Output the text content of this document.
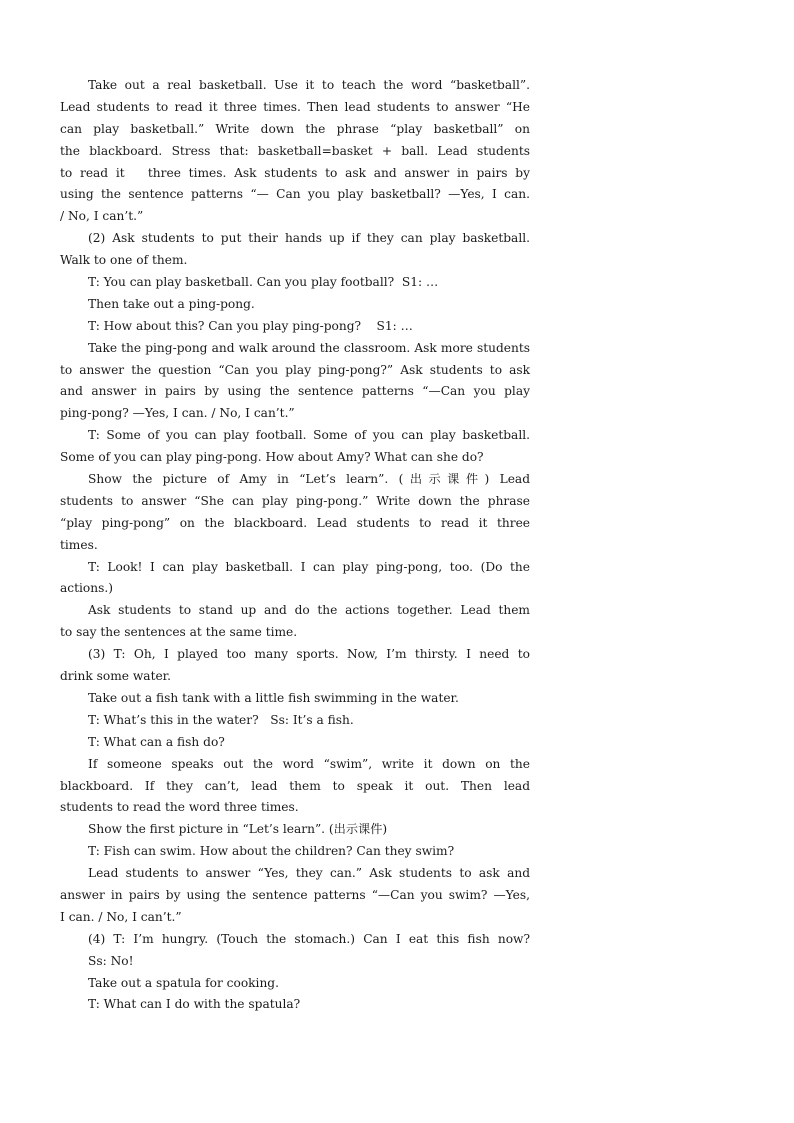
Take out a real basketball. Use it to teach the word “basketball”.
Lead students to read it three times. Then lead students to answer “He
can play basketball.” Write down the phrase “play basketball” on
the blackboard. Stress that: basketball=basket + ball. Lead students
to read it   three times. Ask students to ask and answer in pairs by
using the sentence patterns “— Can you play basketball? —Yes, I can.
/ No, I can’t.”
(2) Ask students to put their hands up if they can play basketball.
Walk to one of them.
T: You can play basketball. Can you play football?  S1: …
Then take out a ping-pong.
T: How about this? Can you play ping-pong?    S1: …
Take the ping-pong and walk around the classroom. Ask more students
to answer the question “Can you play ping-pong?” Ask students to ask
and answer in pairs by using the sentence patterns “—Can you play
ping-pong? —Yes, I can. / No, I can’t.”
T: Some of you can play football. Some of you can play basketball.
Some of you can play ping-pong. How about Amy? What can she do?
Show the picture of Amy in “Let’s learn”. (出示课件) Lead
students to answer “She can play ping-pong.” Write down the phrase
“play ping-pong” on the blackboard. Lead students to read it three
times.
T: Look! I can play basketball. I can play ping-pong, too. (Do the
actions.)
Ask students to stand up and do the actions together. Lead them
to say the sentences at the same time.
(3) T: Oh, I played too many sports. Now, I’m thirsty. I need to
drink some water.
Take out a fish tank with a little fish swimming in the water.
T: What’s this in the water?   Ss: It’s a fish.
T: What can a fish do?
If someone speaks out the word “swim”, write it down on the
blackboard. If they can’t, lead them to speak it out. Then lead
students to read the word three times.
Show the first picture in “Let’s learn”. (出示课件)
T: Fish can swim. How about the children? Can they swim?
Lead students to answer “Yes, they can.” Ask students to ask and
answer in pairs by using the sentence patterns “—Can you swim? —Yes,
I can. / No, I can’t.”
(4) T: I’m hungry. (Touch the stomach.) Can I eat this fish now?
Ss: No!
Take out a spatula for cooking.
T: What can I do with the spatula?
